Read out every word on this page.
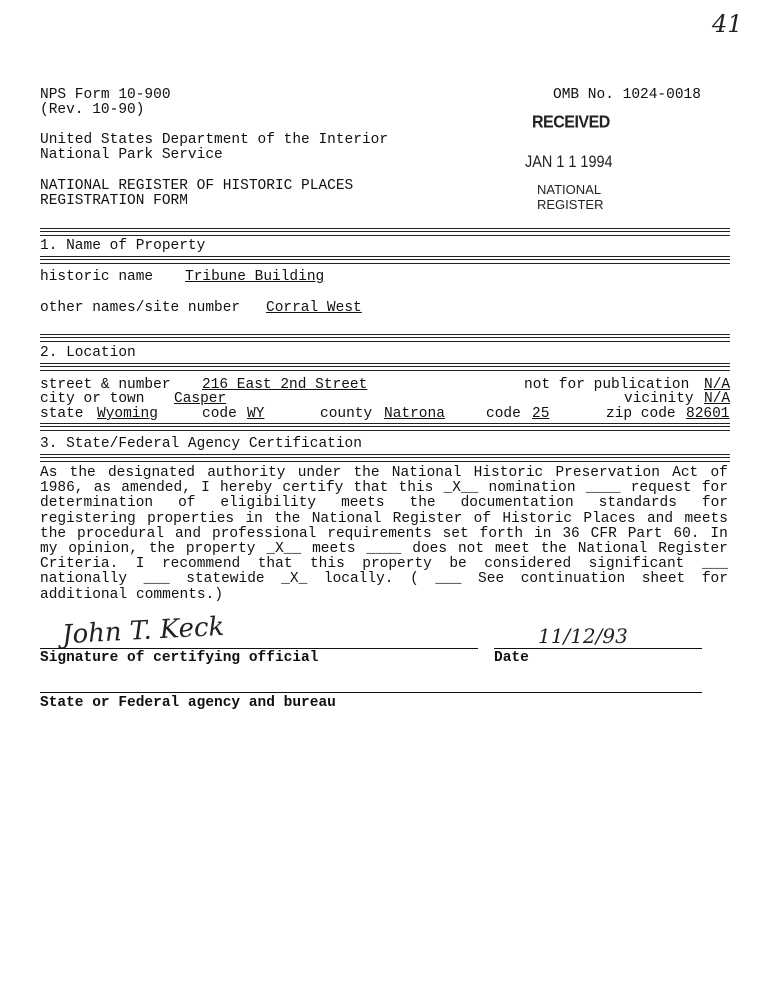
41
NPS Form 10-900
(Rev. 10-90)
OMB No. 1024-0018
United States Department of the Interior
National Park Service
NATIONAL REGISTER OF HISTORIC PLACES
REGISTRATION FORM
RECEIVED
JAN 1 1 1994
NATIONAL
REGISTER
1. Name of Property
historic name Tribune Building
other names/site number Corral West
2. Location
street & number 216 East 2nd Street	not for publication N/A
city or town Casper	vicinity N/A
state Wyoming	code WY	county Natrona	code 25	zip code 82601
3. State/Federal Agency Certification
As the designated authority under the National Historic Preservation Act of
1986, as amended, I hereby certify that this _X__ nomination ____ request for
determination of eligibility meets the documentation standards for
registering properties in the National Register of Historic Places and meets
the procedural and professional requirements set forth in 36 CFR Part 60. In
my opinion, the property _X__ meets ____ does not meet the National Register
Criteria. I recommend that this property be considered significant ___
nationally ___ statewide _X_ locally. ( ___ See continuation sheet for
additional comments.)
John T. Keck
Signature of certifying official
11/12/93
Date
State or Federal agency and bureau
